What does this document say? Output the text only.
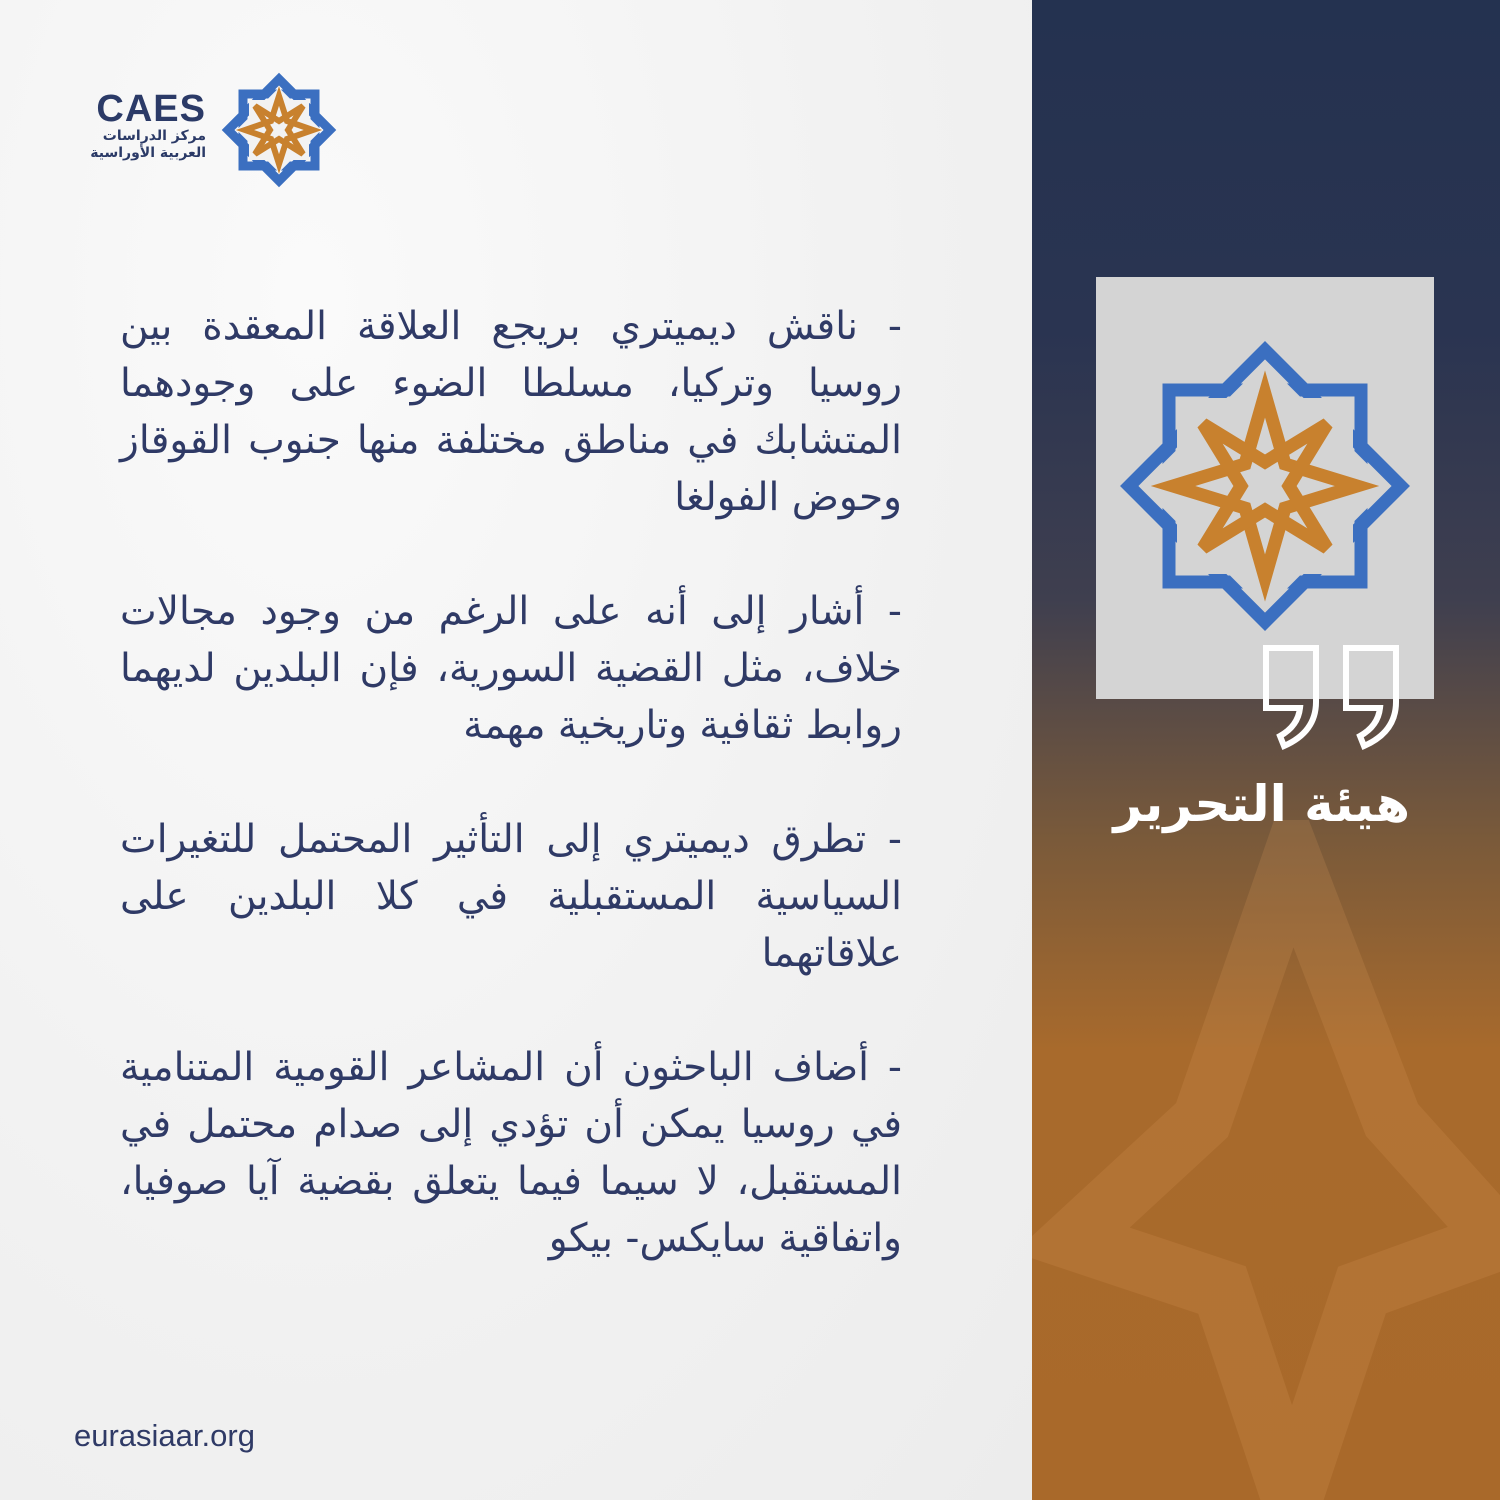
CAES
مركز الدراسات
العربية الأوراسية

- ناقش ديميتري بريجع العلاقة المعقدة بين روسيا وتركيا، مسلطا الضوء على وجودهما المتشابك في مناطق مختلفة منها جنوب القوقاز وحوض الفولغا

- أشار إلى أنه على الرغم من وجود مجالات خلاف، مثل القضية السورية، فإن البلدين لديهما روابط ثقافية وتاريخية مهمة

- تطرق ديميتري إلى التأثير المحتمل للتغيرات السياسية المستقبلية في كلا البلدين على علاقاتهما

- أضاف الباحثون أن المشاعر القومية المتنامية في روسيا يمكن أن تؤدي إلى صدام محتمل في المستقبل، لا سيما فيما يتعلق بقضية آيا صوفيا، واتفاقية سايكس- بيكو

eurasiaar.org
هيئة التحرير
